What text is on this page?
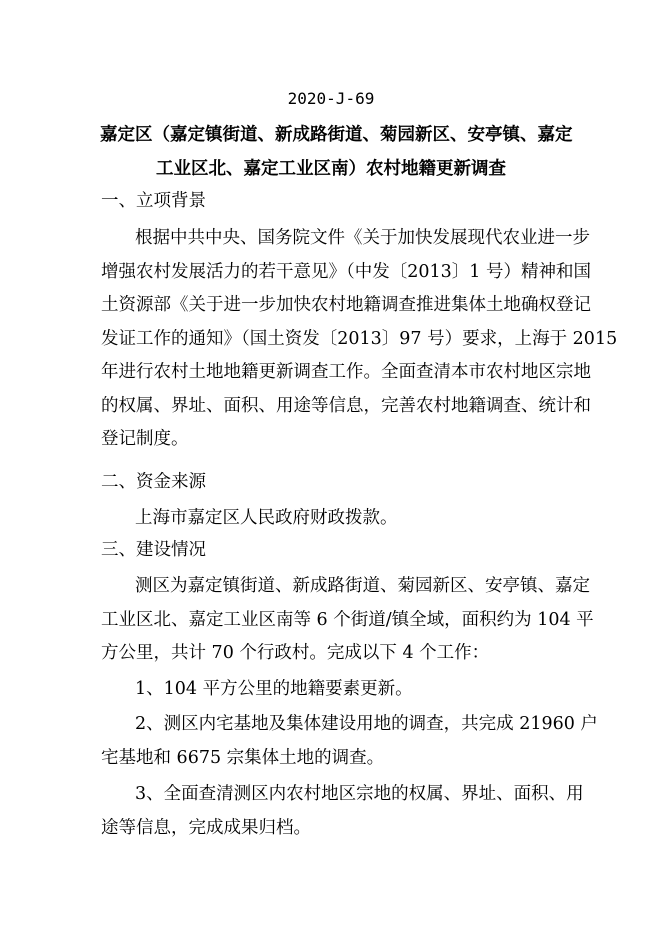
2020-J-69
嘉定区（嘉定镇街道、新成路街道、菊园新区、安亭镇、嘉定
工业区北、嘉定工业区南）农村地籍更新调查
一、立项背景
根据中共中央、国务院文件《关于加快发展现代农业进一步
增强农村发展活力的若干意见》（中发〔2013〕1 号）精神和国
土资源部《关于进一步加快农村地籍调查推进集体土地确权登记
发证工作的通知》（国土资发〔2013〕97 号）要求，上海于 2015
年进行农村土地地籍更新调查工作。全面查清本市农村地区宗地
的权属、界址、面积、用途等信息，完善农村地籍调查、统计和
登记制度。
二、资金来源
上海市嘉定区人民政府财政拨款。
三、建设情况
测区为嘉定镇街道、新成路街道、菊园新区、安亭镇、嘉定
工业区北、嘉定工业区南等 6 个街道/镇全域，面积约为 104 平
方公里，共计 70 个行政村。完成以下 4 个工作：
1、104 平方公里的地籍要素更新。
2、测区内宅基地及集体建设用地的调查，共完成 21960 户
宅基地和 6675 宗集体土地的调查。
3、全面查清测区内农村地区宗地的权属、界址、面积、用
途等信息，完成成果归档。
